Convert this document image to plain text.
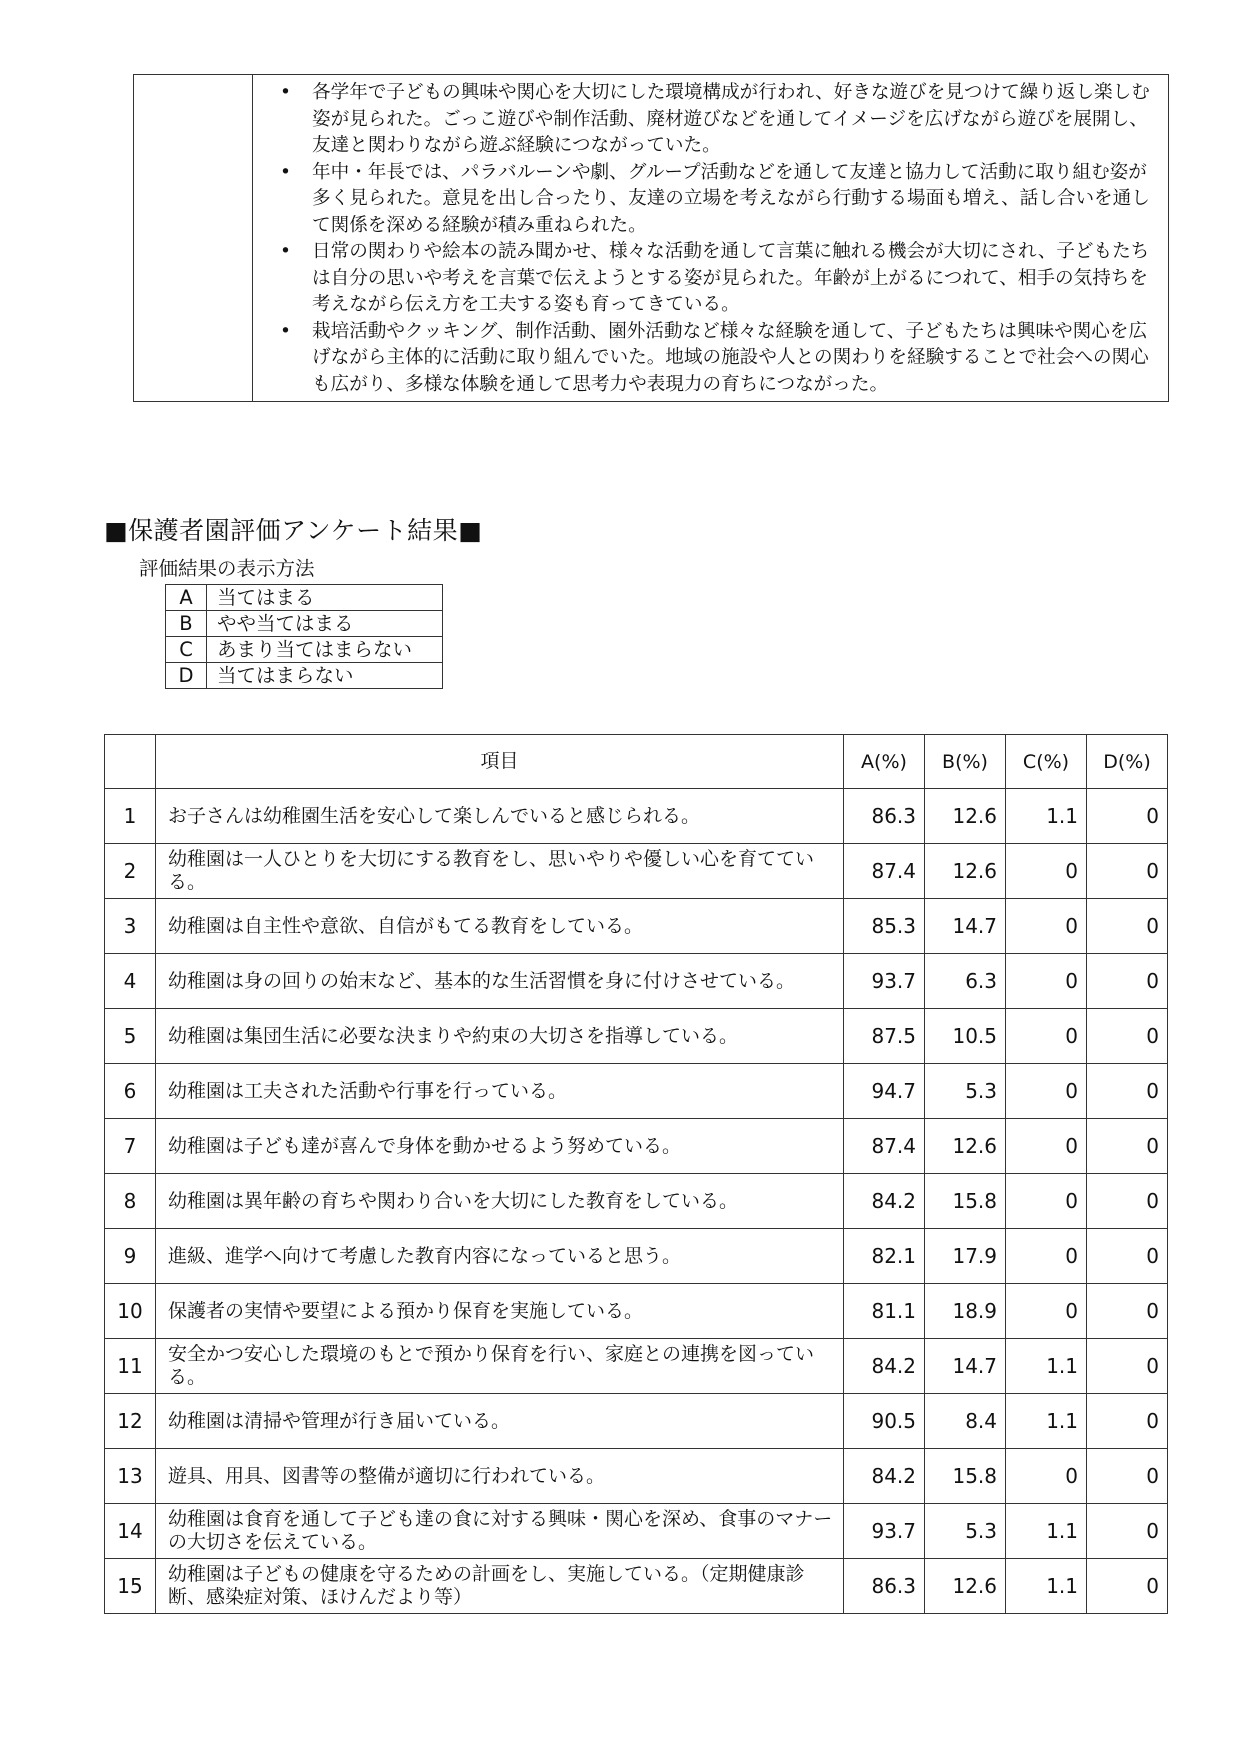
• 各学年で子どもの興味や関心を大切にした環境構成が行われ、好きな遊びを見つけて繰り返し楽しむ姿が見られた。ごっこ遊びや制作活動、廃材遊びなどを通してイメージを広げながら遊びを展開し、友達と関わりながら遊ぶ経験につながっていた。
• 年中・年長では、パラバルーンや劇、グループ活動などを通して友達と協力して活動に取り組む姿が多く見られた。意見を出し合ったり、友達の立場を考えながら行動する場面も増え、話し合いを通して関係を深める経験が積み重ねられた。
• 日常の関わりや絵本の読み聞かせ、様々な活動を通して言葉に触れる機会が大切にされ、子どもたちは自分の思いや考えを言葉で伝えようとする姿が見られた。年齢が上がるにつれて、相手の気持ちを考えながら伝え方を工夫する姿も育ってきている。
• 栽培活動やクッキング、制作活動、園外活動など様々な経験を通して、子どもたちは興味や関心を広げながら主体的に活動に取り組んでいた。地域の施設や人との関わりを経験することで社会への関心も広がり、多様な体験を通して思考力や表現力の育ちにつながった。
■保護者園評価アンケート結果■
評価結果の表示方法
A	当てはまる
B	やや当てはまる
C	あまり当てはまらない
D	当てはまらない
	項目	A(%)	B(%)	C(%)	D(%)
1	お子さんは幼稚園生活を安心して楽しんでいると感じられる。	86.3	12.6	1.1	0
2	幼稚園は一人ひとりを大切にする教育をし、思いやりや優しい心を育てている。	87.4	12.6	0	0
3	幼稚園は自主性や意欲、自信がもてる教育をしている。	85.3	14.7	0	0
4	幼稚園は身の回りの始末など、基本的な生活習慣を身に付けさせている。	93.7	6.3	0	0
5	幼稚園は集団生活に必要な決まりや約束の大切さを指導している。	87.5	10.5	0	0
6	幼稚園は工夫された活動や行事を行っている。	94.7	5.3	0	0
7	幼稚園は子ども達が喜んで身体を動かせるよう努めている。	87.4	12.6	0	0
8	幼稚園は異年齢の育ちや関わり合いを大切にした教育をしている。	84.2	15.8	0	0
9	進級、進学へ向けて考慮した教育内容になっていると思う。	82.1	17.9	0	0
10	保護者の実情や要望による預かり保育を実施している。	81.1	18.9	0	0
11	安全かつ安心した環境のもとで預かり保育を行い、家庭との連携を図っている。	84.2	14.7	1.1	0
12	幼稚園は清掃や管理が行き届いている。	90.5	8.4	1.1	0
13	遊具、用具、図書等の整備が適切に行われている。	84.2	15.8	0	0
14	幼稚園は食育を通して子ども達の食に対する興味・関心を深め、食事のマナーの大切さを伝えている。	93.7	5.3	1.1	0
15	幼稚園は子どもの健康を守るための計画をし、実施している。（定期健康診断、感染症対策、ほけんだより等）	86.3	12.6	1.1	0
